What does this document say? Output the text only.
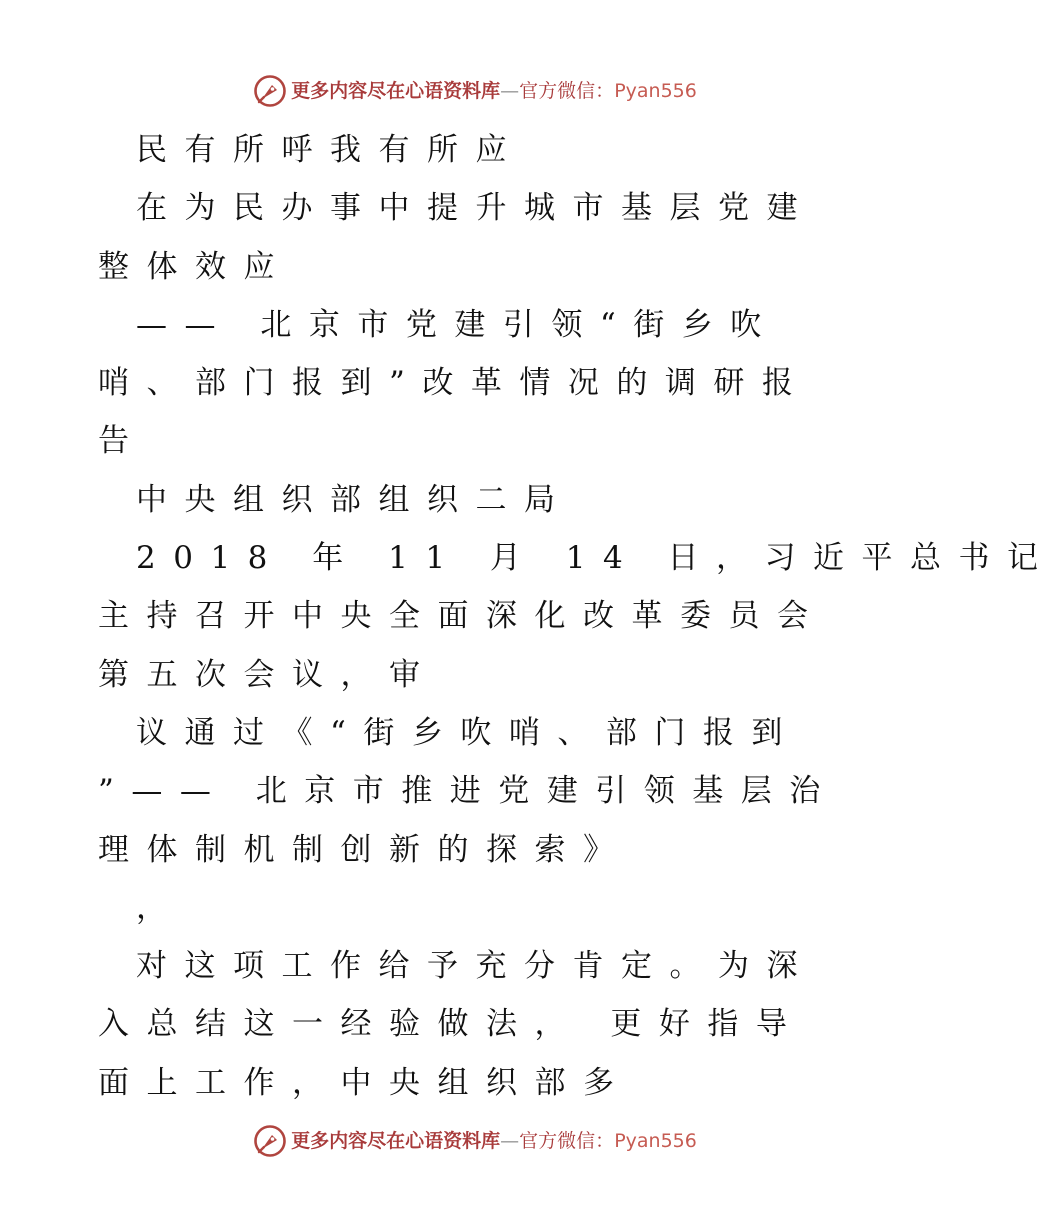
更多内容尽在心语资料库—官方微信：Pyan556
民有所呼我有所应
在为民办事中提升城市基层党建
整体效应
—— 北京市党建引领“街乡吹
哨、部门报到”改革情况的调研报
告
中央组织部组织二局
2018 年 11 月 14 日，习近平总书记
主持召开中央全面深化改革委员会
第五次会议，审
议通过《“街乡吹哨、部门报到
”—— 北京市推进党建引领基层治
理体制机制创新的探索》
，
对这项工作给予充分肯定。为深
入总结这一经验做法， 更好指导
面上工作，中央组织部多
更多内容尽在心语资料库—官方微信：Pyan556
